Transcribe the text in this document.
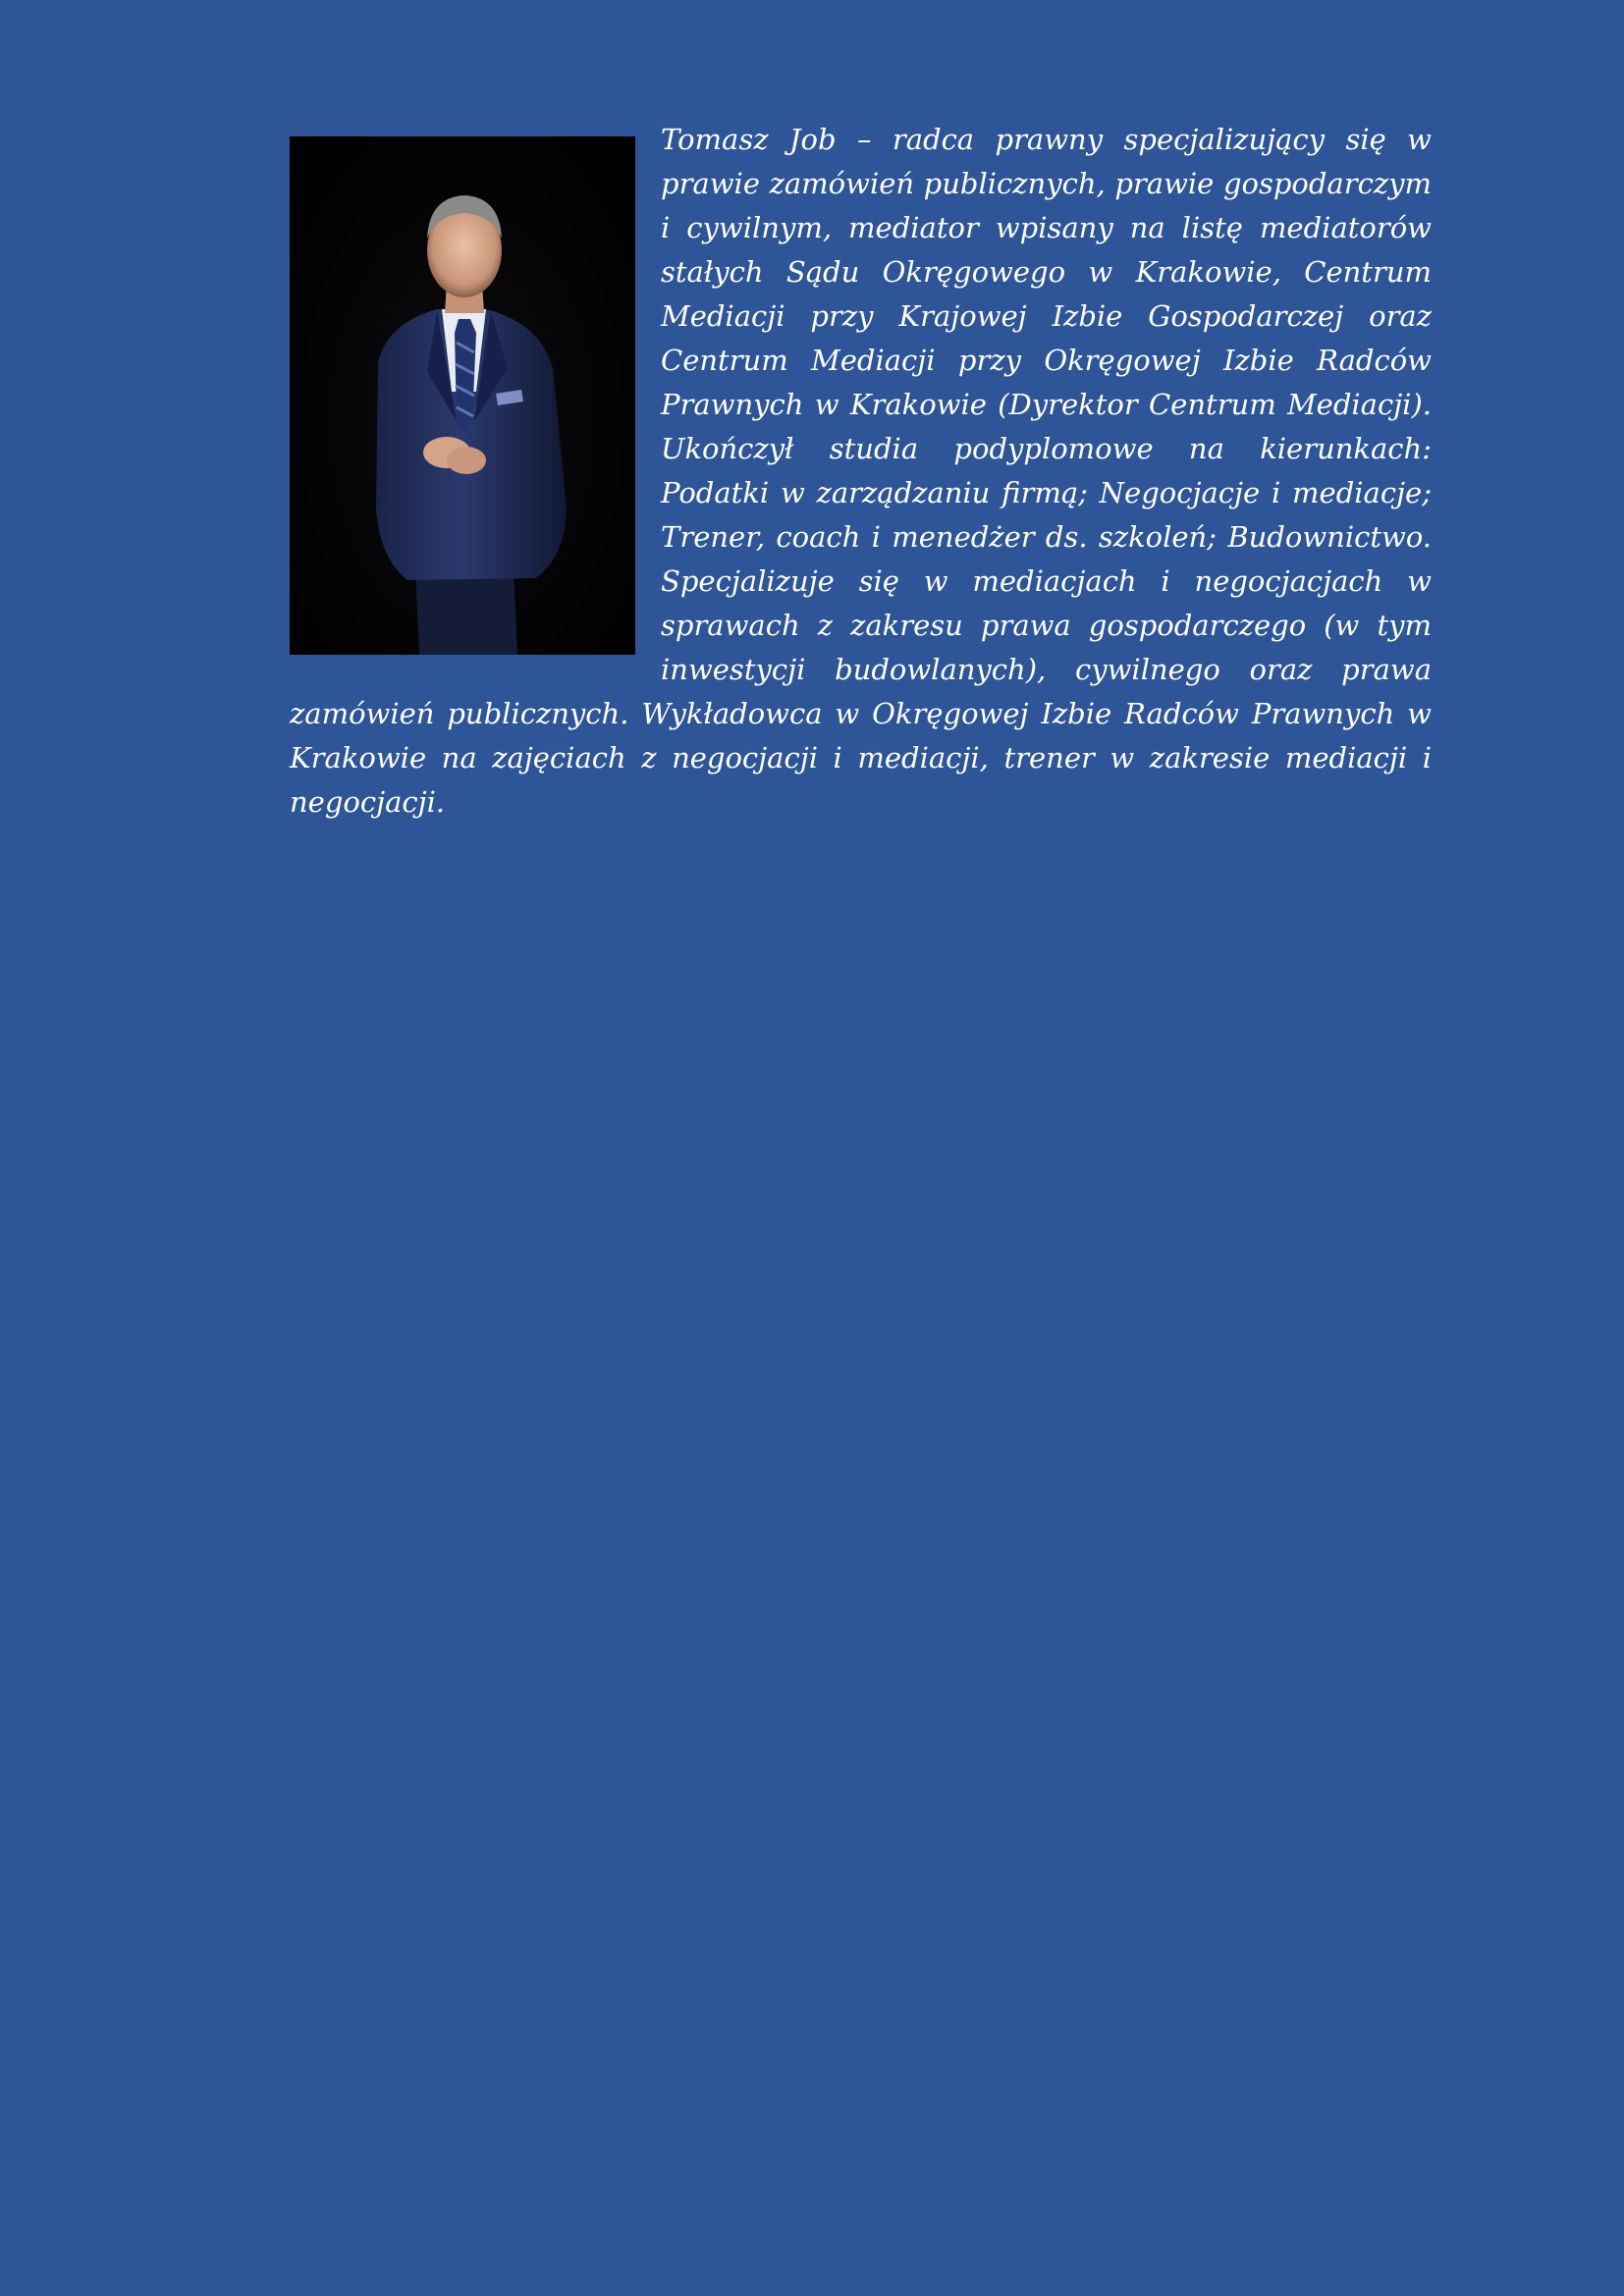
Tomasz Job – radca prawny specjalizujący się w prawie zamówień publicznych, prawie gospodarczym i cywilnym, mediator wpisany na listę mediatorów stałych Sądu Okręgowego w Krakowie, Centrum Mediacji przy Krajowej Izbie Gospodarczej oraz Centrum Mediacji przy Okręgowej Izbie Radców Prawnych w Krakowie (Dyrektor Centrum Mediacji). Ukończył studia podyplomowe na kierunkach: Podatki w zarządzaniu firmą; Negocjacje i mediacje; Trener, coach i menedżer ds. szkoleń; Budownictwo. Specjalizuje się w mediacjach i negocjacjach w sprawach z zakresu prawa gospodarczego (w tym inwestycji budowlanych), cywilnego oraz prawa zamówień publicznych. Wykładowca w Okręgowej Izbie Radców Prawnych w Krakowie na zajęciach z negocjacji i mediacji, trener w zakresie mediacji i negocjacji.
